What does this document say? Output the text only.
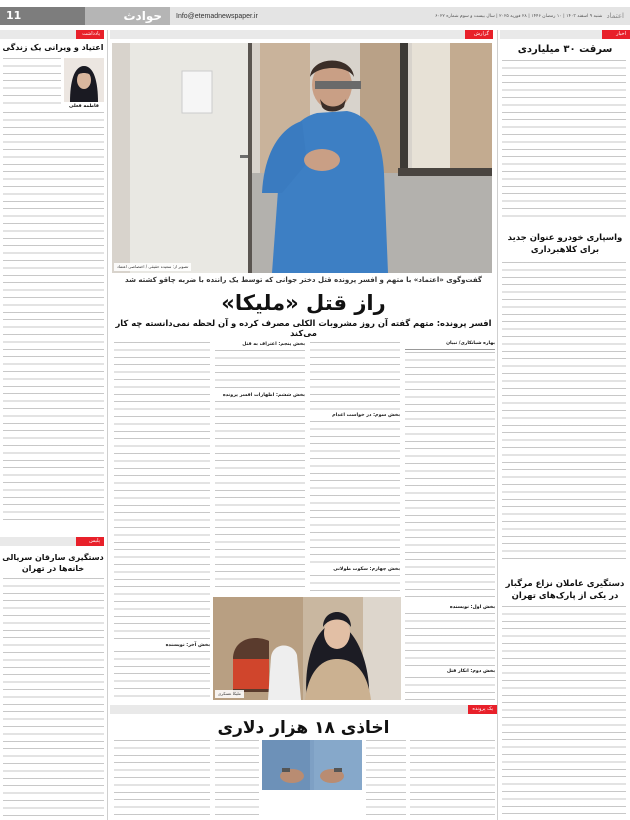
11	حوادث	Info@etemadnewspaper.ir	اعتماد
شنبه ۹ اسفند ۱۴۰۳ | ۱۰ رمضان ۱۴۴۶ | ۲۸ فوریه ۲۰۲۵ | سال بیست و سوم شماره ۶۰۲۲
اخبار
گزارش
یادداشت
سرقت ۳۰ میلیاردی
واسپاری خودرو عنوان جدید برای کلاهبرداری
دستگیری عاملان نزاع مرگبار در یکی از پارک‌های تهران
اعتیاد و ویرانی یک زندگی
فاطمه فعلی
پلیس
دستگیری سارقان سریالی خانه‌ها در تهران
تصویر از: سعیده حقیقی / اختصاصی اعتماد
گفت‌وگوی «اعتماد» با متهم و افسر پرونده قتل دختر جوانی که توسط یک راننده با ضربه چاقو کشته شد
راز قتل «ملیکا»
افسر پرونده: متهم گفته آن روز مشروبات الکلی مصرف کرده و آن لحظه نمی‌دانسته چه کار می‌کند
بهاره شبانکاری/ نبیان
بخش اول: نویسنده
بخش دوم: انکار قتل
بخش سوم: در خواست اعدام
بخش چهارم: سکوت طولانی
بخش پنجم: اعتراف به قتل
بخش ششم: اظهارات افسر پرونده
بخش آخر: نویسنده
ملیکا عسکری
یک پرونده
اخاذی ۱۸ هزار دلاری
